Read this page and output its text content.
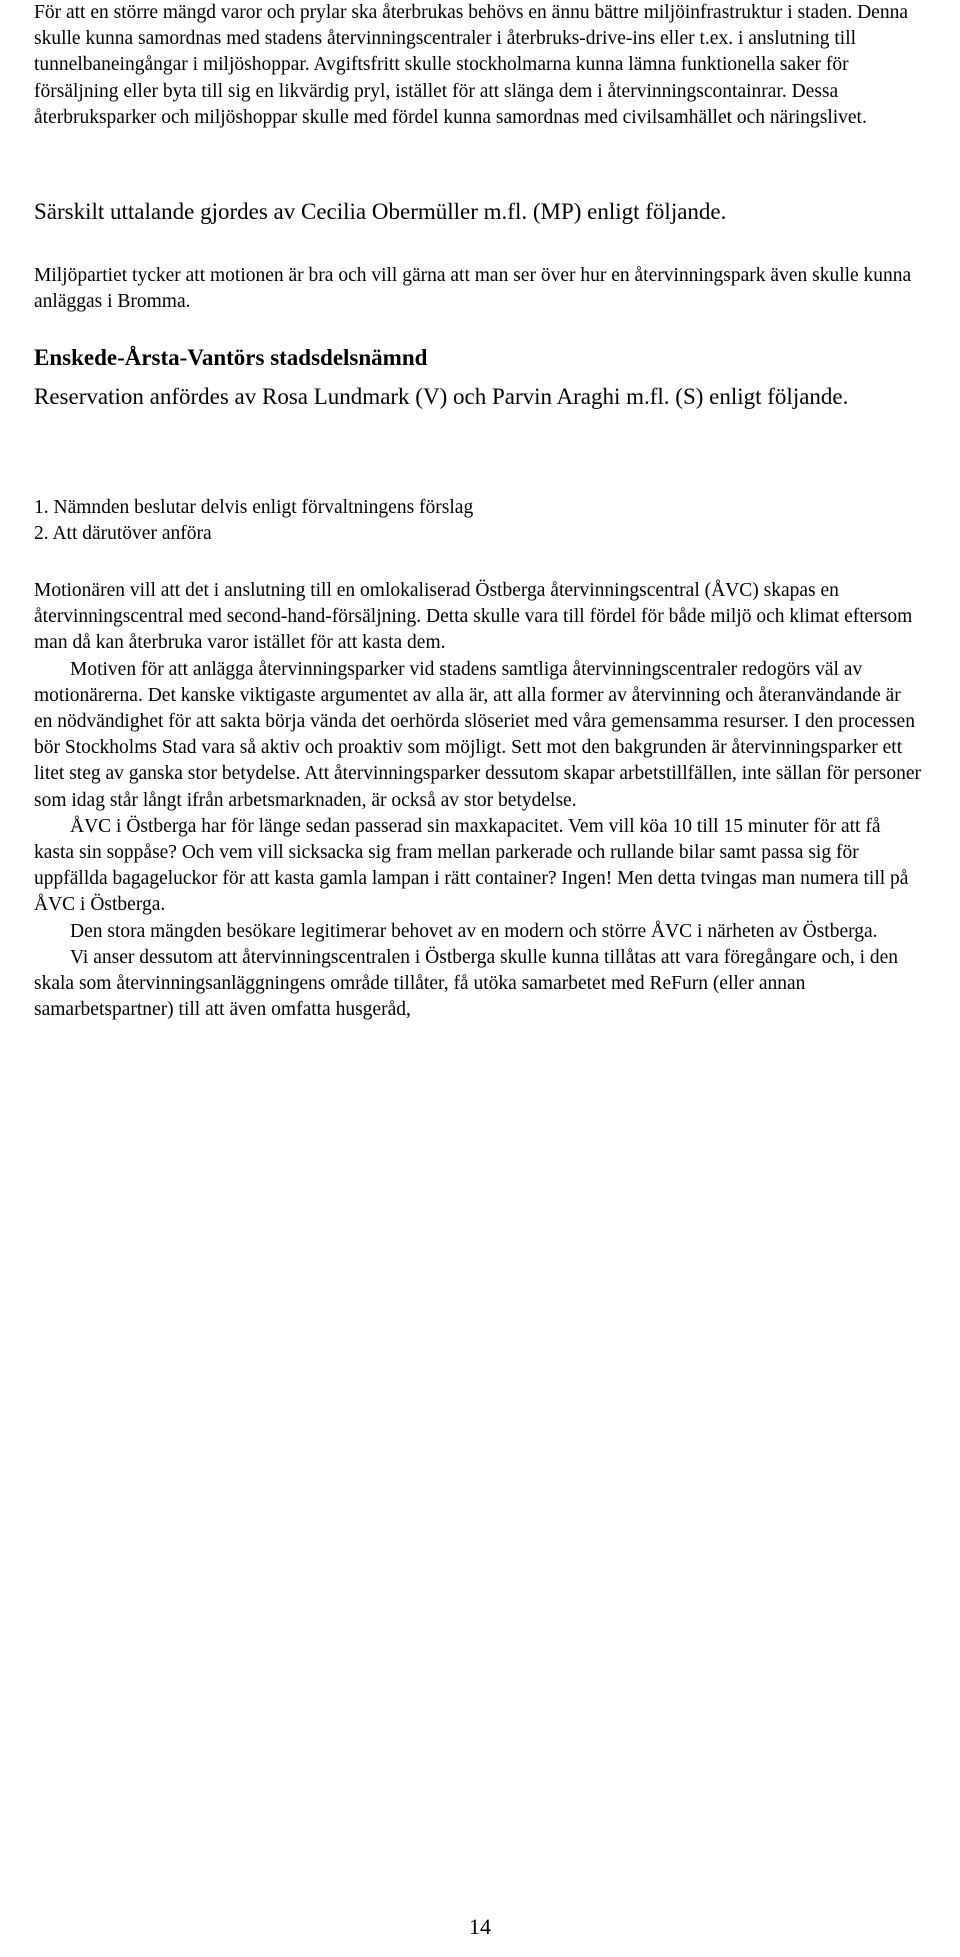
För att en större mängd varor och prylar ska återbrukas behövs en ännu bättre miljöinfrastruktur i staden. Denna skulle kunna samordnas med stadens återvinningscentraler i återbruks-drive-ins eller t.ex. i anslutning till tunnelbaneingångar i miljöshoppar. Avgiftsfritt skulle stockholmarna kunna lämna funktionella saker för försäljning eller byta till sig en likvärdig pryl, istället för att slänga dem i återvinningscontainrar. Dessa återbruksparker och miljöshoppar skulle med fördel kunna samordnas med civilsamhället och näringslivet.

Särskilt uttalande gjordes av Cecilia Obermüller m.fl. (MP) enligt följande.

Miljöpartiet tycker att motionen är bra och vill gärna att man ser över hur en återvinningspark även skulle kunna anläggas i Bromma.

Enskede-Årsta-Vantörs stadsdelsnämnd

Reservation anfördes av Rosa Lundmark (V) och Parvin Araghi m.fl. (S) enligt följande.

1. Nämnden beslutar delvis enligt förvaltningens förslag
2. Att därutöver anföra

Motionären vill att det i anslutning till en omlokaliserad Östberga återvinningscentral (ÅVC) skapas en återvinningscentral med second-hand-försäljning. Detta skulle vara till fördel för både miljö och klimat eftersom man då kan återbruka varor istället för att kasta dem.

Motiven för att anlägga återvinningsparker vid stadens samtliga återvinningscentraler redogörs väl av motionärerna. Det kanske viktigaste argumentet av alla är, att alla former av återvinning och återanvändande är en nödvändighet för att sakta börja vända det oerhörda slöseriet med våra gemensamma resurser. I den processen bör Stockholms Stad vara så aktiv och proaktiv som möjligt. Sett mot den bakgrunden är återvinningsparker ett litet steg av ganska stor betydelse. Att återvinningsparker dessutom skapar arbetstillfällen, inte sällan för personer som idag står långt ifrån arbetsmarknaden, är också av stor betydelse.

ÅVC i Östberga har för länge sedan passerad sin maxkapacitet. Vem vill köa 10 till 15 minuter för att få kasta sin soppåse? Och vem vill sicksacka sig fram mellan parkerade och rullande bilar samt passa sig för uppfällda bagageluckor för att kasta gamla lampan i rätt container? Ingen! Men detta tvingas man numera till på ÅVC i Östberga.

Den stora mängden besökare legitimerar behovet av en modern och större ÅVC i närheten av Östberga.

Vi anser dessutom att återvinningscentralen i Östberga skulle kunna tillåtas att vara föregångare och, i den skala som återvinningsanläggningens område tillåter, få utöka samarbetet med ReFurn (eller annan samarbetspartner) till att även omfatta husgeråd,

14
